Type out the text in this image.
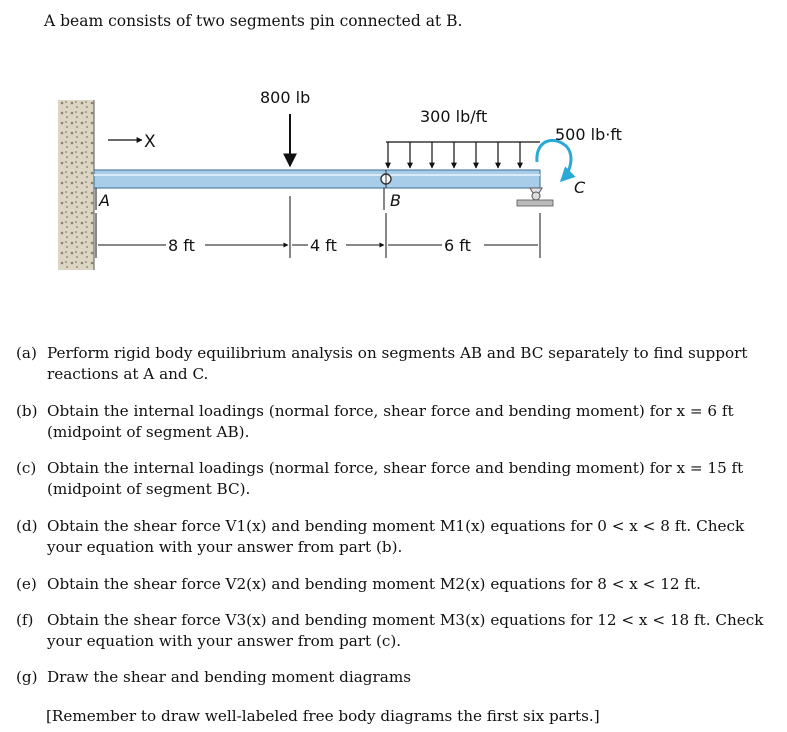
A beam consists of two segments pin connected at B.
X
800 lb
300 lb/ft
B
A
500 lb·ft
C
8 ft	4 ft	6 ft
(a) Perform rigid body equilibrium analysis on segments AB and BC separately to find support reactions at A and C.
(b) Obtain the internal loadings (normal force, shear force and bending moment) for x = 6 ft (midpoint of segment AB).
(c) Obtain the internal loadings (normal force, shear force and bending moment) for x = 15 ft (midpoint of segment BC).
(d) Obtain the shear force V1(x) and bending moment M1(x) equations for 0 < x < 8 ft. Check your equation with your answer from part (b).
(e) Obtain the shear force V2(x) and bending moment M2(x) equations for 8 < x < 12 ft.
(f) Obtain the shear force V3(x) and bending moment M3(x) equations for 12 < x < 18 ft. Check your equation with your answer from part (c).
(g) Draw the shear and bending moment diagrams
[Remember to draw well-labeled free body diagrams the first six parts.]
